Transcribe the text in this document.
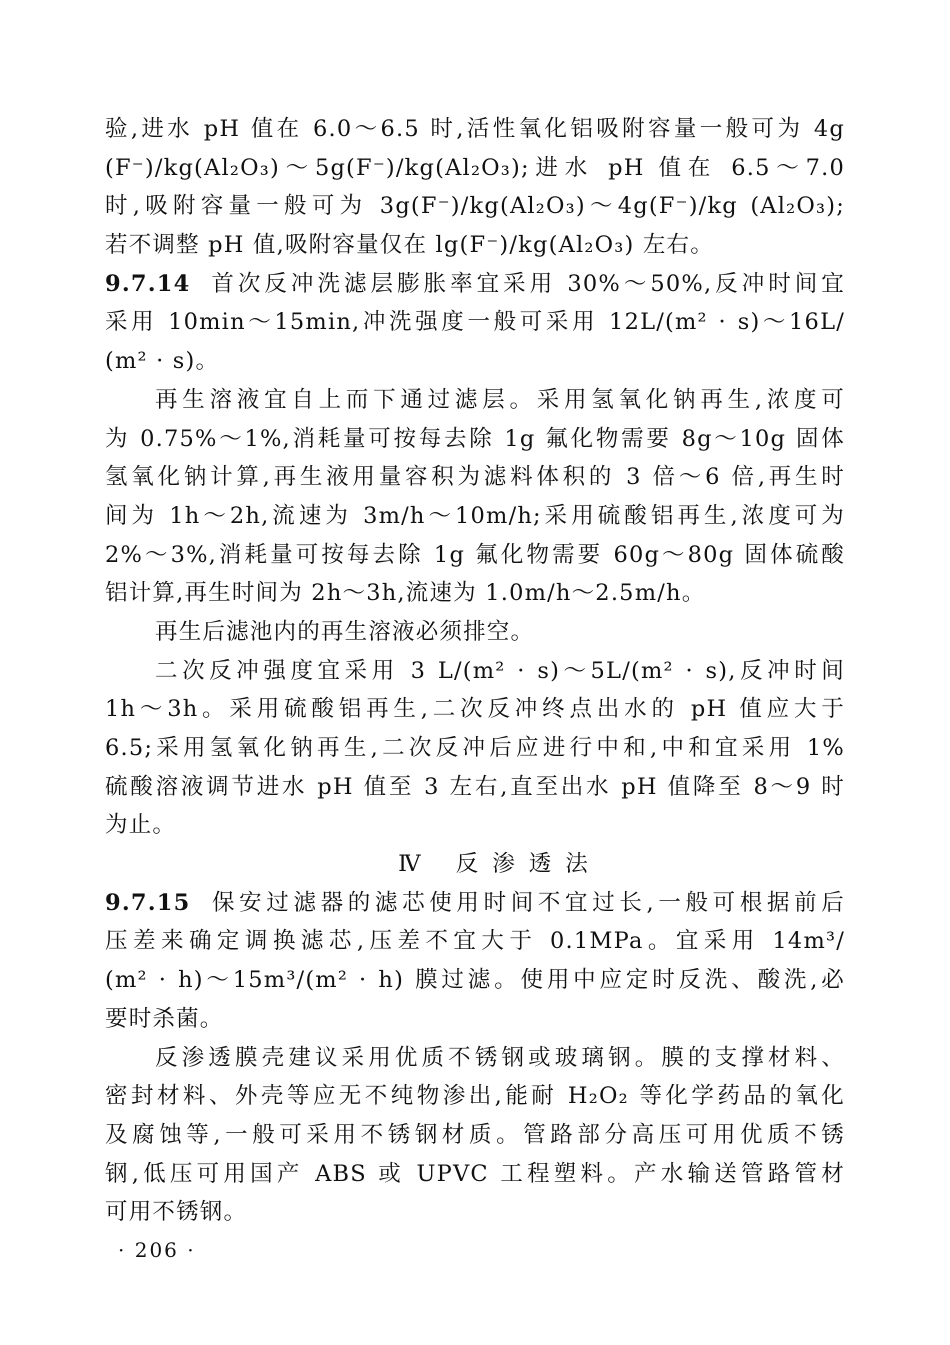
验,进水 pH 值在 6.0～6.5 时,活性氧化铝吸附容量一般可为 4g
(F⁻)/kg(Al₂O₃)～5g(F⁻)/kg(Al₂O₃);进水 pH 值在 6.5～7.0
时,吸附容量一般可为 3g(F⁻)/kg(Al₂O₃)～4g(F⁻)/kg (Al₂O₃);
若不调整 pH 值,吸附容量仅在 lg(F⁻)/kg(Al₂O₃) 左右。
9.7.14 首次反冲洗滤层膨胀率宜采用 30%～50%,反冲时间宜
采用 10min～15min,冲洗强度一般可采用 12L/(m² · s)～16L/
(m² · s)。
再生溶液宜自上而下通过滤层。采用氢氧化钠再生,浓度可
为 0.75%～1%,消耗量可按每去除 1g 氟化物需要 8g～10g 固体
氢氧化钠计算,再生液用量容积为滤料体积的 3 倍～6 倍,再生时
间为 1h～2h,流速为 3m/h～10m/h;采用硫酸铝再生,浓度可为
2%～3%,消耗量可按每去除 1g 氟化物需要 60g～80g 固体硫酸
铝计算,再生时间为 2h～3h,流速为 1.0m/h～2.5m/h。
再生后滤池内的再生溶液必须排空。
二次反冲强度宜采用 3 L/(m² · s)～5L/(m² · s),反冲时间
1h～3h。采用硫酸铝再生,二次反冲终点出水的 pH 值应大于
6.5;采用氢氧化钠再生,二次反冲后应进行中和,中和宜采用 1%
硫酸溶液调节进水 pH 值至 3 左右,直至出水 pH 值降至 8～9 时
为止。
Ⅳ 反渗透法
9.7.15 保安过滤器的滤芯使用时间不宜过长,一般可根据前后
压差来确定调换滤芯,压差不宜大于 0.1MPa。宜采用 14m³/
(m² · h)～15m³/(m² · h) 膜过滤。使用中应定时反洗、酸洗,必
要时杀菌。
反渗透膜壳建议采用优质不锈钢或玻璃钢。膜的支撑材料、
密封材料、外壳等应无不纯物渗出,能耐 H₂O₂ 等化学药品的氧化
及腐蚀等,一般可采用不锈钢材质。管路部分高压可用优质不锈
钢,低压可用国产 ABS 或 UPVC 工程塑料。产水输送管路管材
可用不锈钢。
· 206 ·
